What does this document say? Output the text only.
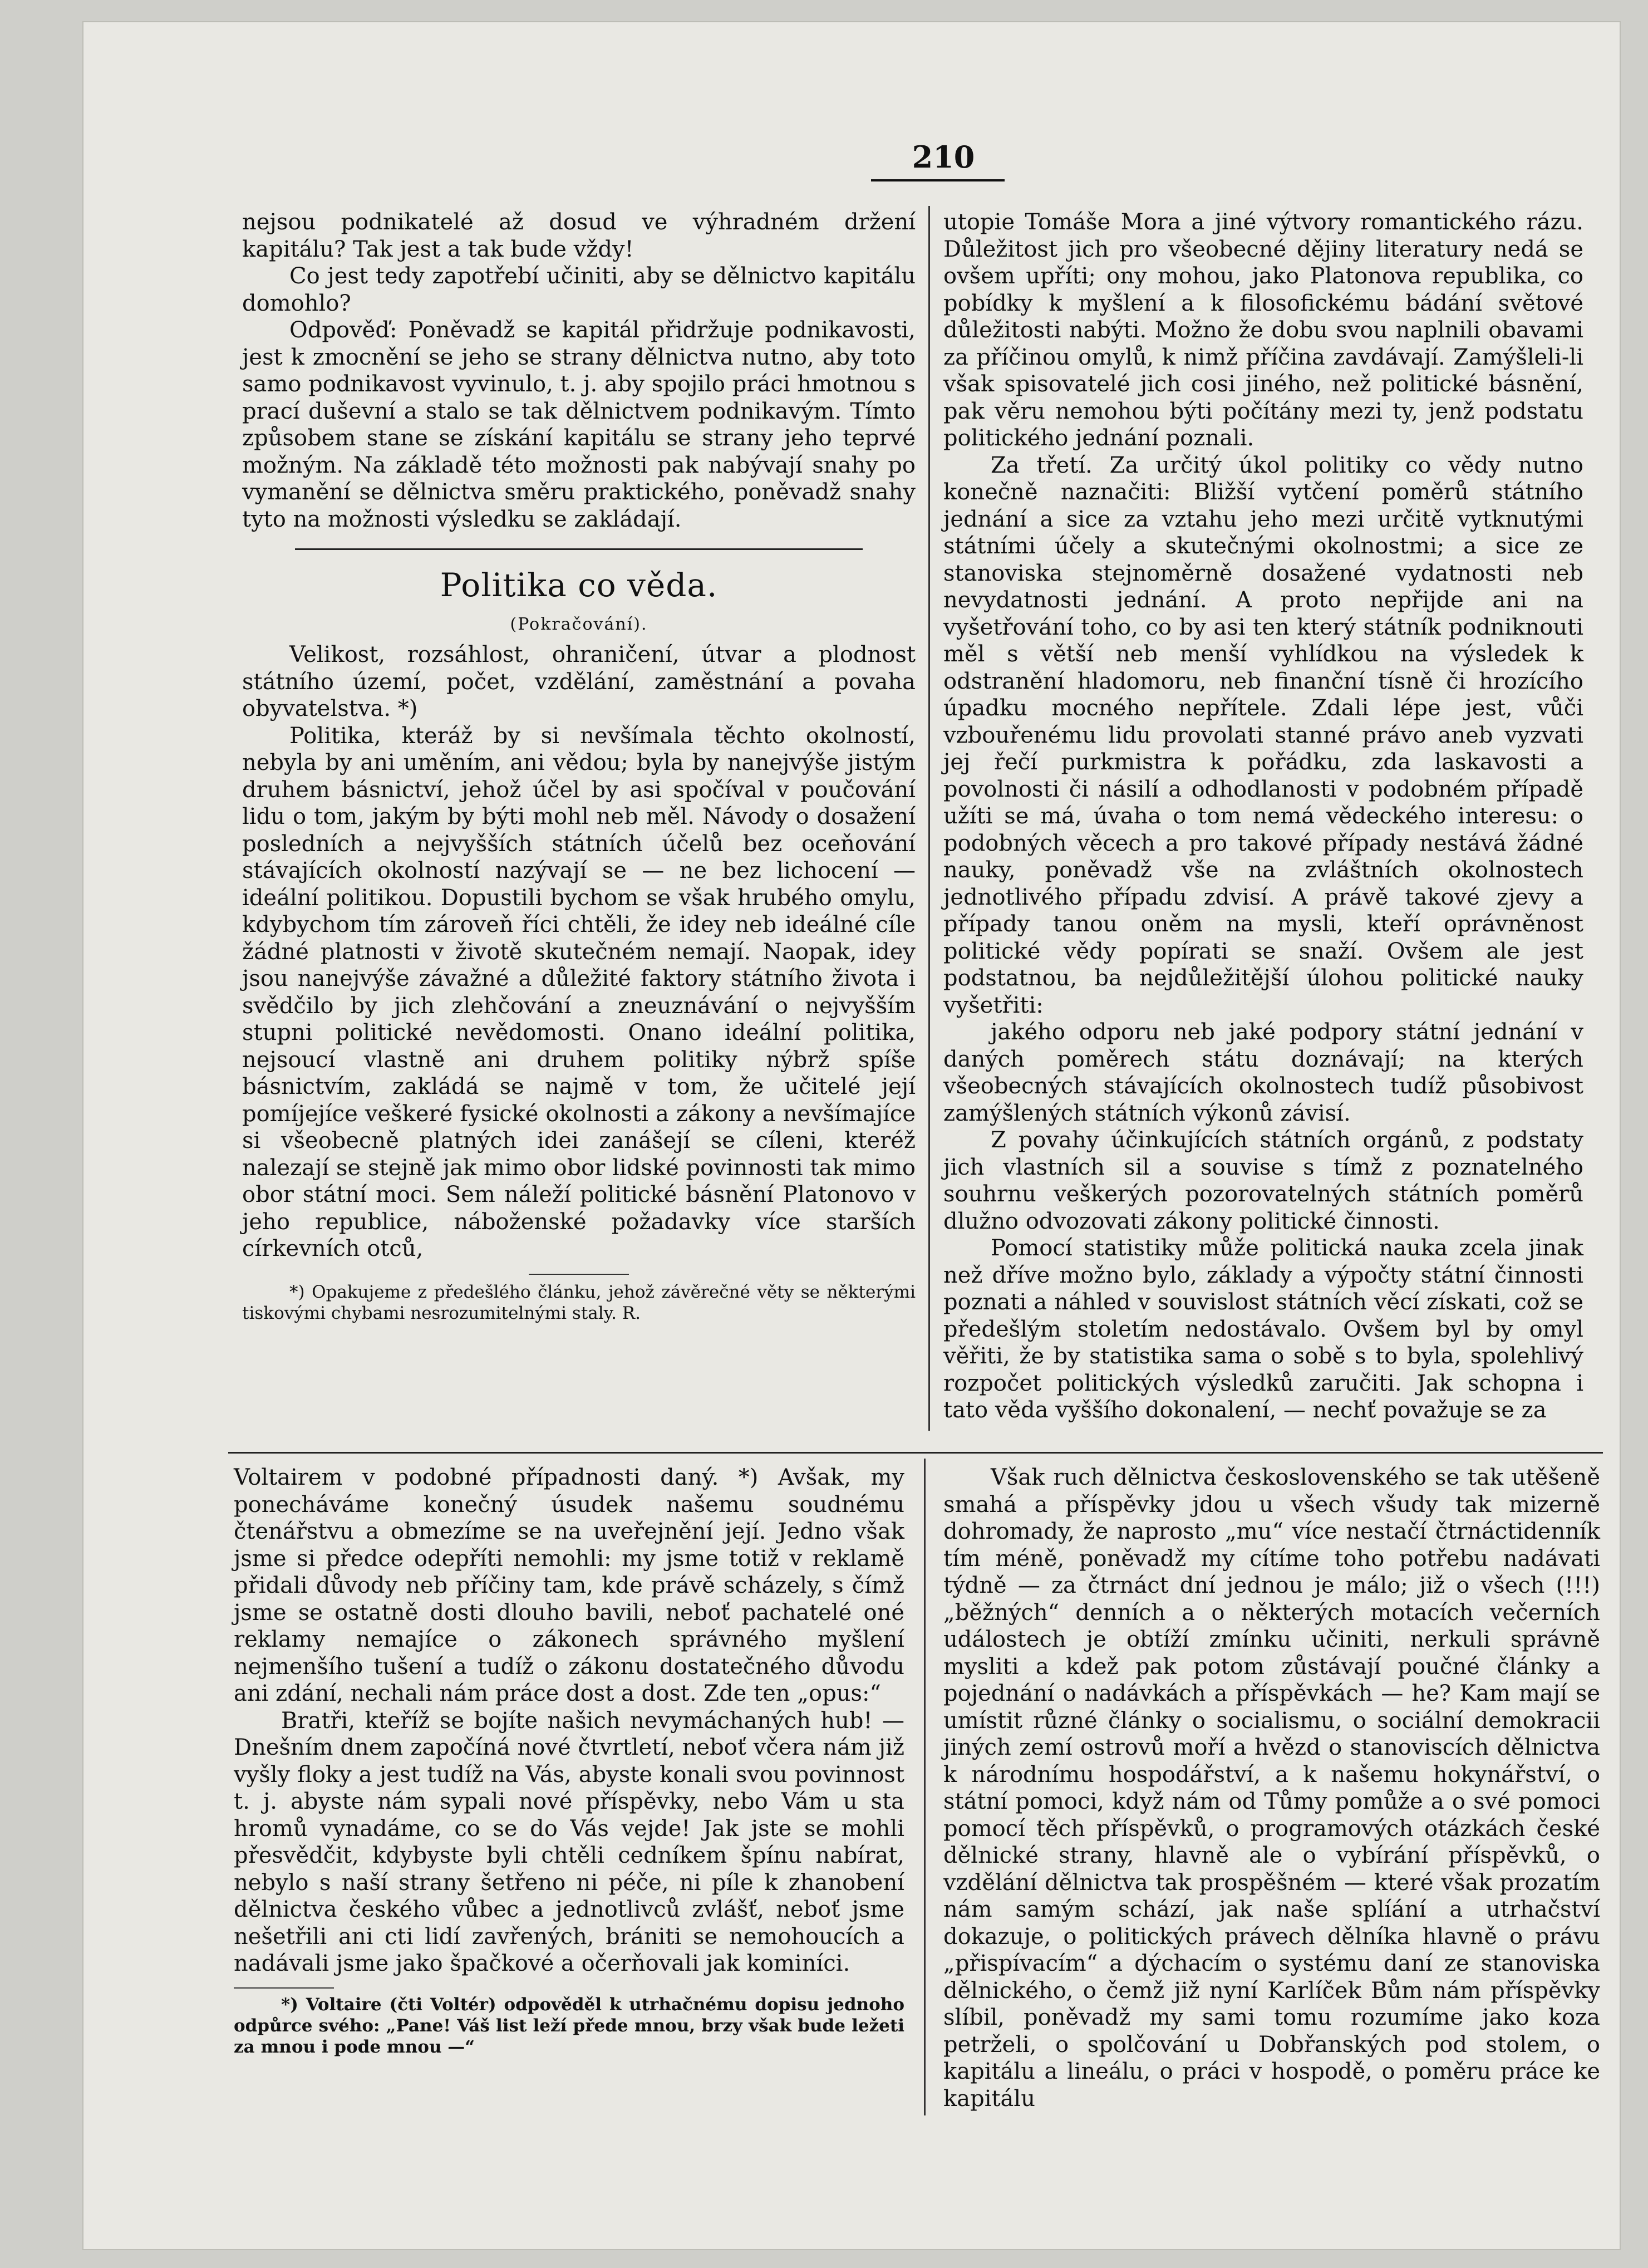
210

nejsou podnikatelé až dosud ve výhradném držení kapitálu? Tak jest a tak bude vždy!

Co jest tedy zapotřebí učiniti, aby se dělnictvo kapitálu domohlo?

Odpověď: Poněvadž se kapitál přidržuje podnikavosti, jest k zmocnění se jeho se strany dělnictva nutno, aby toto samo podnikavost vyvinulo, t. j. aby spojilo práci hmotnou s prací duševní a stalo se tak dělnictvem podnikavým. Tímto způsobem stane se získání kapitálu se strany jeho teprvé možným. Na základě této možnosti pak nabývají snahy po vymanění se dělnictva směru praktického, poněvadž snahy tyto na možnosti výsledku se zakládají.

Politika co věda.
(Pokračování).

Velikost, rozsáhlost, ohraničení, útvar a plodnost státního území, počet, vzdělání, zaměstnání a povaha obyvatelstva. *)

Politika, kteráž by si nevšímala těchto okolností, nebyla by ani uměním, ani vědou; byla by nanejvýše jistým druhem básnictví, jehož účel by asi spočíval v poučování lidu o tom, jakým by býti mohl neb měl. Návody o dosažení posledních a nejvyšších státních účelů bez oceňování stávajících okolností nazývají se — ne bez lichocení — ideální politikou. Dopustili bychom se však hrubého omylu, kdybychom tím zároveň říci chtěli, že idey neb ideálné cíle žádné platnosti v životě skutečném nemají. Naopak, idey jsou nanejvýše závažné a důležité faktory státního života i svědčilo by jich zlehčování a zneuznávání o nejvyšším stupni politické nevědomosti. Onano ideální politika, nejsoucí vlastně ani druhem politiky nýbrž spíše básnictvím, zakládá se najmě v tom, že učitelé její pomíjejíce veškeré fysické okolnosti a zákony a nevšímajíce si všeobecně platných idei zanášejí se cíleni, kteréž nalezají se stejně jak mimo obor lidské povinnosti tak mimo obor státní moci. Sem náleží politické básnění Platonovo v jeho republice, náboženské požadavky více starších církevních otců,

*) Opakujeme z předešlého článku, jehož závěrečné věty se některými tiskovými chybami nesrozumitelnými staly. R.

utopie Tomáše Mora a jiné výtvory romantického rázu. Důležitost jich pro všeobecné dějiny literatury nedá se ovšem upříti; ony mohou, jako Platonova republika, co pobídky k myšlení a k filosofickému bádání světové důležitosti nabýti. Možno že dobu svou naplnili obavami za příčinou omylů, k nimž příčina zavdávají. Zamýšleli-li však spisovatelé jich cosi jiného, než politické básnění, pak věru nemohou býti počítány mezi ty, jenž podstatu politického jednání poznali.

Za třetí. Za určitý úkol politiky co vědy nutno konečně naznačiti: Bližší vytčení poměrů státního jednání a sice za vztahu jeho mezi určitě vytknutými státními účely a skutečnými okolnostmi; a sice ze stanoviska stejnoměrně dosažené vydatnosti neb nevydatnosti jednání. A proto nepřijde ani na vyšetřování toho, co by asi ten který státník podniknouti měl s větší neb menší vyhlídkou na výsledek k odstranění hladomoru, neb finanční tísně či hrozícího úpadku mocného nepřítele. Zdali lépe jest, vůči vzbouřenému lidu provolati stanné právo aneb vyzvati jej řečí purkmistra k pořádku, zda laskavosti a povolnosti či násilí a odhodlanosti v podobném případě užíti se má, úvaha o tom nemá vědeckého interesu: o podobných věcech a pro takové případy nestává žádné nauky, poněvadž vše na zvláštních okolnostech jednotlivého případu zdvisí. A právě takové zjevy a případy tanou oněm na mysli, kteří oprávněnost politické vědy popírati se snaží. Ovšem ale jest podstatnou, ba nejdůležitější úlohou politické nauky vyšetřiti:

jakého odporu neb jaké podpory státní jednání v daných poměrech státu doznávají; na kterých všeobecných stávajících okolnostech tudíž působivost zamýšlených státních výkonů závisí.

Z povahy účinkujících státních orgánů, z podstaty jich vlastních sil a souvise s tímž z poznatelného souhrnu veškerých pozorovatelných státních poměrů dlužno odvozovati zákony politické činnosti.

Pomocí statistiky může politická nauka zcela jinak než dříve možno bylo, základy a výpočty státní činnosti poznati a náhled v souvislost státních věcí získati, což se předešlým stoletím nedostávalo. Ovšem byl by omyl věřiti, že by statistika sama o sobě s to byla, spolehlivý rozpočet politických výsledků zaručiti. Jak schopna i tato věda vyššího dokonalení, — nechť považuje se za

Voltairem v podobné případnosti daný. *) Avšak, my ponecháváme konečný úsudek našemu soudnému čtenářstvu a obmezíme se na uveřejnění její. Jedno však jsme si předce odepříti nemohli: my jsme totiž v reklamě přidali důvody neb příčiny tam, kde právě scházely, s čímž jsme se ostatně dosti dlouho bavili, neboť pachatelé oné reklamy nemajíce o zákonech správného myšlení nejmenšího tušení a tudíž o zákonu dostatečného důvodu ani zdání, nechali nám práce dost a dost. Zde ten „opus:“

Bratři, kteříž se bojíte našich nevymáchaných hub! — Dnešním dnem započíná nové čtvrtletí, neboť včera nám již vyšly floky a jest tudíž na Vás, abyste konali svou povinnost t. j. abyste nám sypali nové příspěvky, nebo Vám u sta hromů vynadáme, co se do Vás vejde! Jak jste se mohli přesvědčit, kdybyste byli chtěli cedníkem špínu nabírat, nebylo s naší strany šetřeno ni péče, ni píle k zhanobení dělnictva českého vůbec a jednotlivců zvlášť, neboť jsme nešetřili ani cti lidí zavřených, brániti se nemohoucích a nadávali jsme jako špačkové a očerňovali jak kominíci.

*) Voltaire (čti Voltér) odpověděl k utrhačnému dopisu jednoho odpůrce svého: „Pane! Váš list leží přede mnou, brzy však bude ležeti za mnou i pode mnou —“

Však ruch dělnictva československého se tak utěšeně smahá a příspěvky jdou u všech všudy tak mizerně dohromady, že naprosto „mu“ více nestačí čtrnáctidenník tím méně, poněvadž my cítíme toho potřebu nadávati týdně — za čtrnáct dní jednou je málo; již o všech (!!!) „běžných“ denních a o některých motacích večerních událostech je obtíží zmínku učiniti, nerkuli správně mysliti a kdež pak potom zůstávají poučné články a pojednání o nadávkách a příspěvkách — he? Kam mají se umístit různé články o socialismu, o sociální demokracii jiných zemí ostrovů moří a hvězd o stanoviscích dělnictva k národnímu hospodářství, a k našemu hokynářství, o státní pomoci, když nám od Tůmy pomůže a o své pomoci pomocí těch příspěvků, o programových otázkách české dělnické strany, hlavně ale o vybírání příspěvků, o vzdělání dělnictva tak prospěšném — které však prozatím nám samým schází, jak naše splíání a utrhačství dokazuje, o politických právech dělníka hlavně o právu „přispívacím“ a dýchacím o systému daní ze stanoviska dělnického, o čemž již nyní Karlíček Bům nám příspěvky slíbil, poněvadž my sami tomu rozumíme jako koza petrželi, o spolčování u Dobřanských pod stolem, o kapitálu a lineálu, o práci v hospodě, o poměru práce ke kapitálu
